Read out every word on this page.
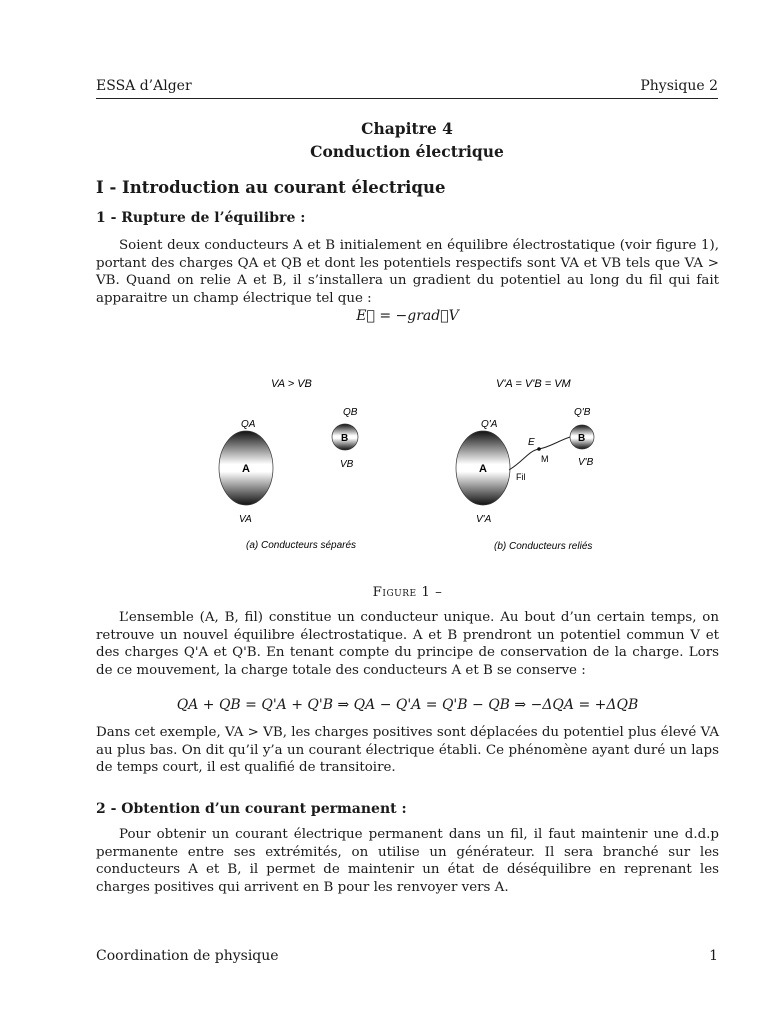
ESSA d’Alger	Physique 2
Chapitre 4
Conduction électrique
I - Introduction au courant électrique
1 - Rupture de l’équilibre :

Soient deux conducteurs A et B initialement en équilibre électrostatique (voir figure 1), portant des charges QA et QB et dont les potentiels respectifs sont VA et VB tels que VA > VB. Quand on relie A et B, il s’installera un gradient du potentiel au long du fil qui fait apparaitre un champ électrique tel que :

E⃗ = −grad⃗V
VA > VB
QA
A
VA
QB
B
VB
(a) Conducteurs séparés
V'A = V'B = VM
Q'A
A
V'A
Q'B
B
V'B
E
M
Fil
(b) Conducteurs reliés
Figure 1 –

L’ensemble (A, B, fil) constitue un conducteur unique. Au bout d’un certain temps, on retrouve un nouvel équilibre électrostatique. A et B prendront un potentiel commun V et des charges Q'A et Q'B. En tenant compte du principe de conservation de la charge. Lors de ce mouvement, la charge totale des conducteurs A et B se conserve :

QA + QB = Q'A + Q'B ⇒ QA − Q'A = Q'B − QB ⇒ −ΔQA = +ΔQB

Dans cet exemple, VA > VB, les charges positives sont déplacées du potentiel plus élevé VA au plus bas. On dit qu’il y’a un courant électrique établi. Ce phénomène ayant duré un laps de temps court, il est qualifié de transitoire.

2 - Obtention d’un courant permanent :

Pour obtenir un courant électrique permanent dans un fil, il faut maintenir une d.d.p permanente entre ses extrémités, on utilise un générateur. Il sera branché sur les conducteurs A et B, il permet de maintenir un état de déséquilibre en reprenant les charges positives qui arrivent en B pour les renvoyer vers A.

Coordination de physique	1
